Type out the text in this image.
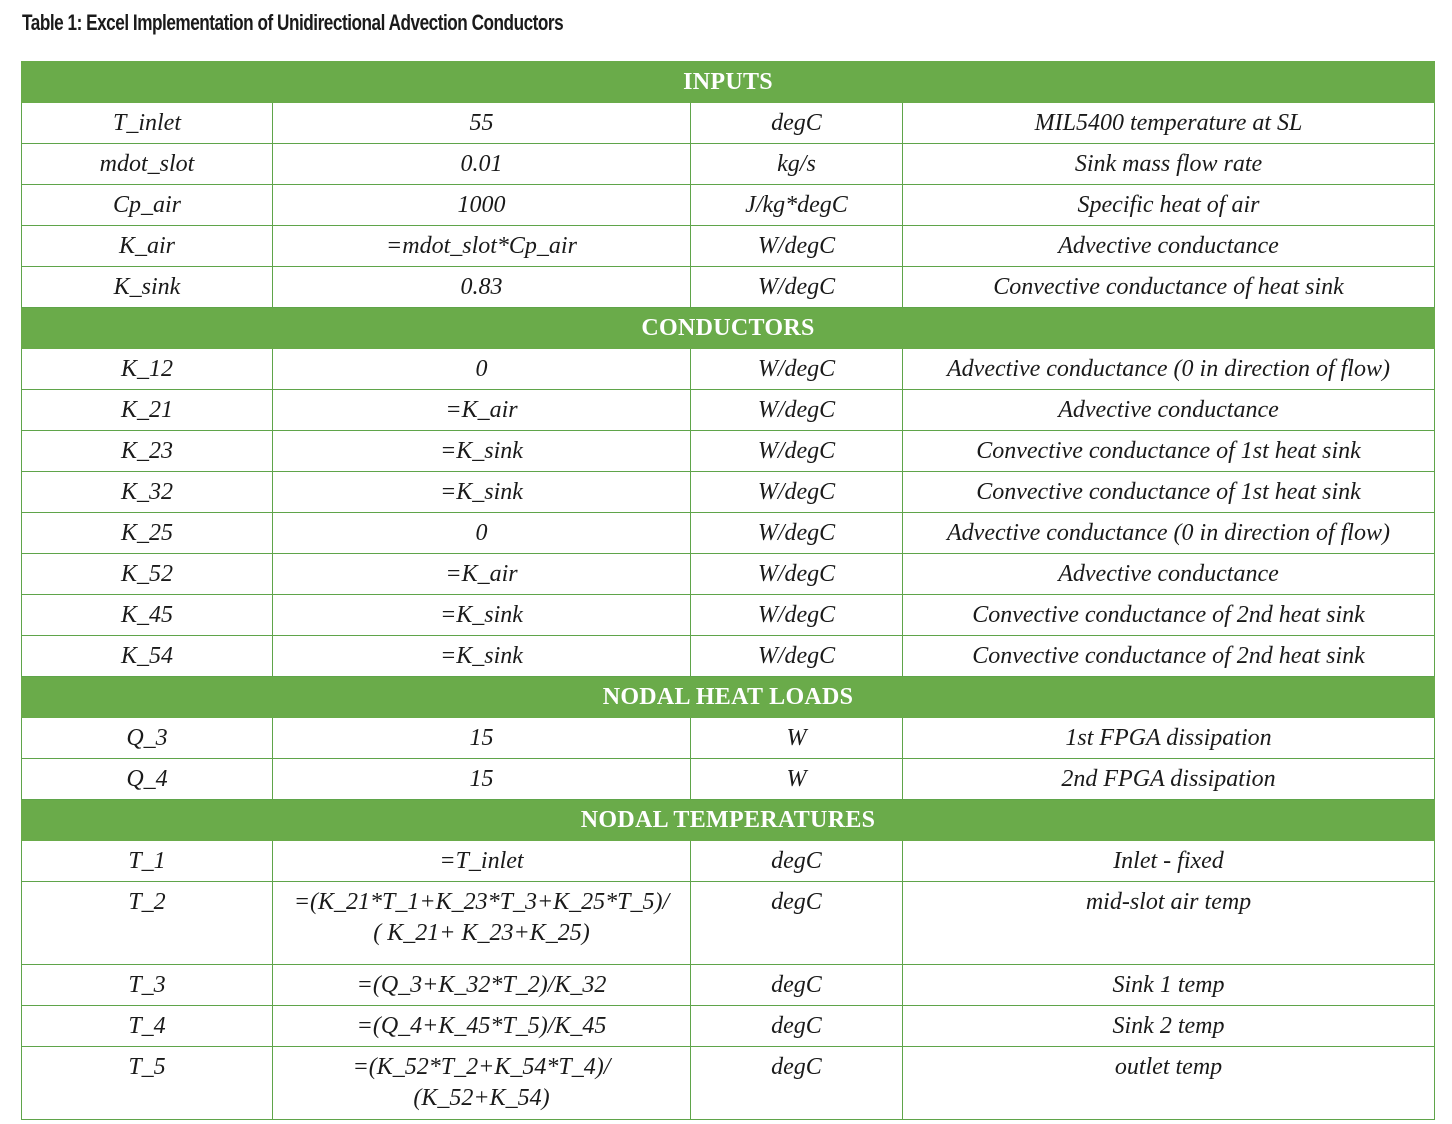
Table 1: Excel Implementation of Unidirectional Advection Conductors
INPUTS			
T_inlet	55	degC	MIL5400 temperature at SL
mdot_slot	0.01	kg/s	Sink mass flow rate
Cp_air	1000	J/kg*degC	Specific heat of air
K_air	=mdot_slot*Cp_air	W/degC	Advective conductance
K_sink	0.83	W/degC	Convective conductance of heat sink
CONDUCTORS			
K_12	0	W/degC	Advective conductance (0 in direction of flow)
K_21	=K_air	W/degC	Advective conductance
K_23	=K_sink	W/degC	Convective conductance of 1st heat sink
K_32	=K_sink	W/degC	Convective conductance of 1st heat sink
K_25	0	W/degC	Advective conductance (0 in direction of flow)
K_52	=K_air	W/degC	Advective conductance
K_45	=K_sink	W/degC	Convective conductance of 2nd heat sink
K_54	=K_sink	W/degC	Convective conductance of 2nd heat sink
NODAL HEAT LOADS			
Q_3	15	W	1st FPGA dissipation
Q_4	15	W	2nd FPGA dissipation
NODAL TEMPERATURES			
T_1	=T_inlet	degC	Inlet - fixed
T_2	=(K_21*T_1+K_23*T_3+K_25*T_5)/
( K_21+ K_23+K_25)	degC	mid-slot air temp
T_3	=(Q_3+K_32*T_2)/K_32	degC	Sink 1 temp
T_4	=(Q_4+K_45*T_5)/K_45	degC	Sink 2 temp
T_5	=(K_52*T_2+K_54*T_4)/
(K_52+K_54)	degC	outlet temp
